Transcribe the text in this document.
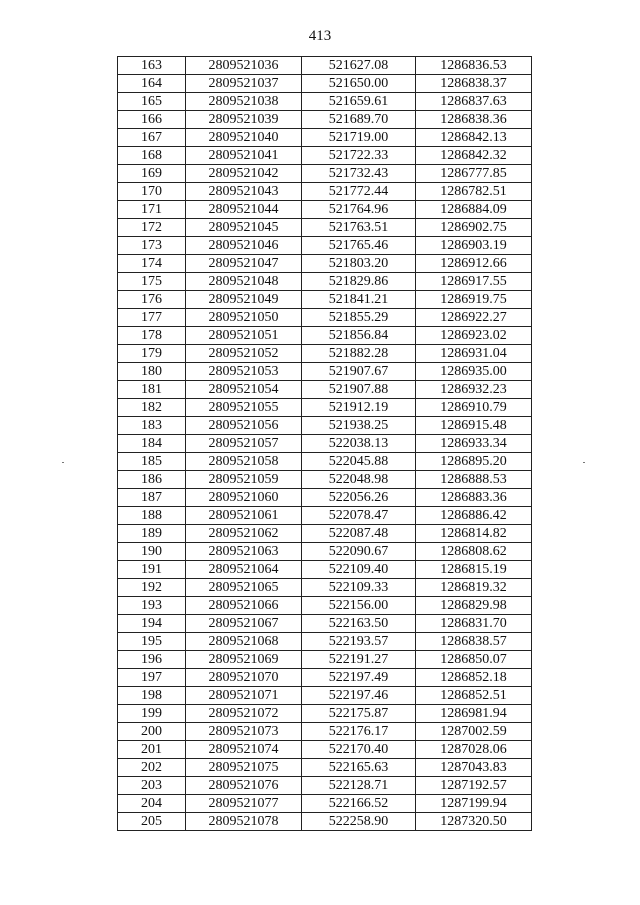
413
163	2809521036	521627.08	1286836.53
164	2809521037	521650.00	1286838.37
165	2809521038	521659.61	1286837.63
166	2809521039	521689.70	1286838.36
167	2809521040	521719.00	1286842.13
168	2809521041	521722.33	1286842.32
169	2809521042	521732.43	1286777.85
170	2809521043	521772.44	1286782.51
171	2809521044	521764.96	1286884.09
172	2809521045	521763.51	1286902.75
173	2809521046	521765.46	1286903.19
174	2809521047	521803.20	1286912.66
175	2809521048	521829.86	1286917.55
176	2809521049	521841.21	1286919.75
177	2809521050	521855.29	1286922.27
178	2809521051	521856.84	1286923.02
179	2809521052	521882.28	1286931.04
180	2809521053	521907.67	1286935.00
181	2809521054	521907.88	1286932.23
182	2809521055	521912.19	1286910.79
183	2809521056	521938.25	1286915.48
184	2809521057	522038.13	1286933.34
185	2809521058	522045.88	1286895.20
186	2809521059	522048.98	1286888.53
187	2809521060	522056.26	1286883.36
188	2809521061	522078.47	1286886.42
189	2809521062	522087.48	1286814.82
190	2809521063	522090.67	1286808.62
191	2809521064	522109.40	1286815.19
192	2809521065	522109.33	1286819.32
193	2809521066	522156.00	1286829.98
194	2809521067	522163.50	1286831.70
195	2809521068	522193.57	1286838.57
196	2809521069	522191.27	1286850.07
197	2809521070	522197.49	1286852.18
198	2809521071	522197.46	1286852.51
199	2809521072	522175.87	1286981.94
200	2809521073	522176.17	1287002.59
201	2809521074	522170.40	1287028.06
202	2809521075	522165.63	1287043.83
203	2809521076	522128.71	1287192.57
204	2809521077	522166.52	1287199.94
205	2809521078	522258.90	1287320.50
